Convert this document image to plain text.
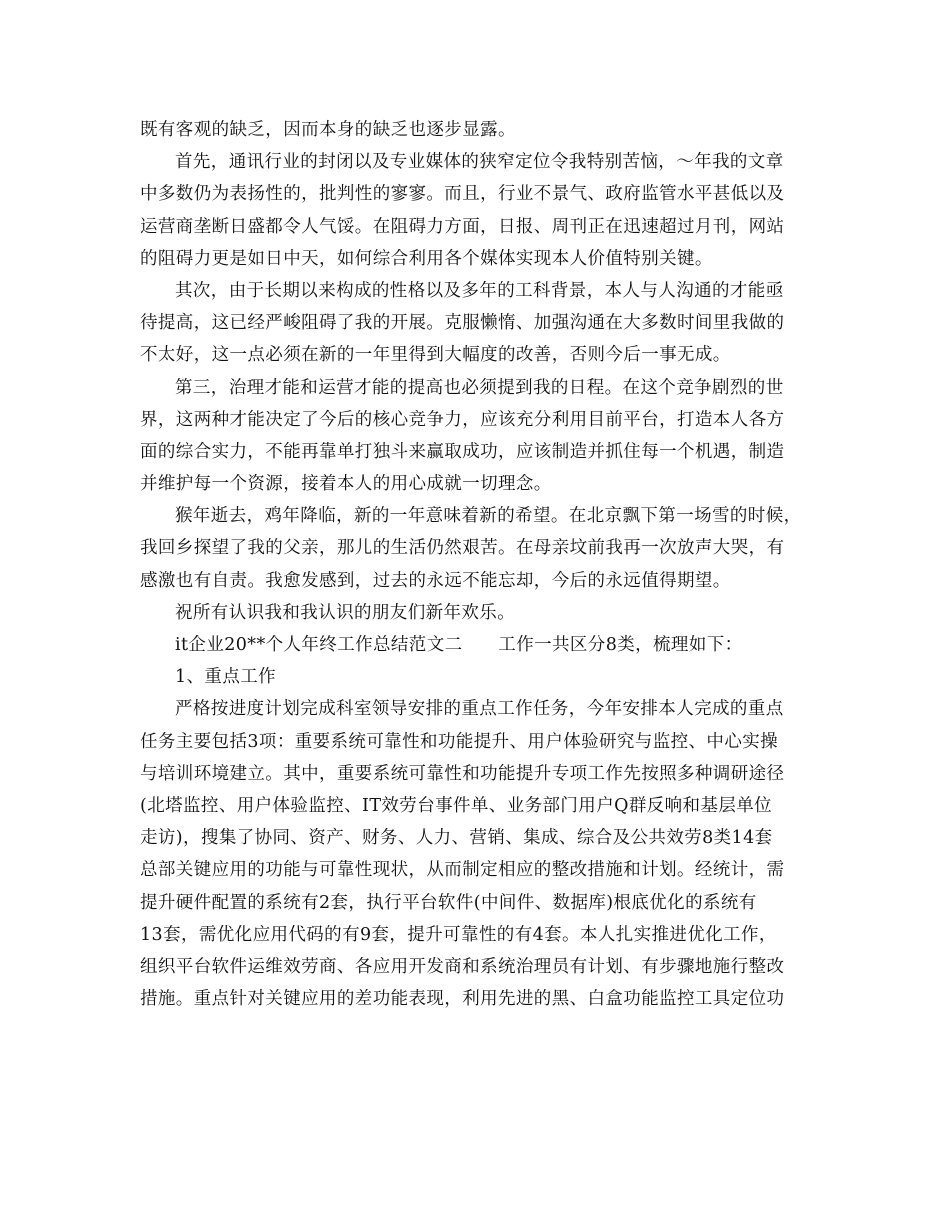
既有客观的缺乏，因而本身的缺乏也逐步显露。
首先，通讯行业的封闭以及专业媒体的狭窄定位令我特别苦恼，～年我的文章
中多数仍为表扬性的，批判性的寥寥。而且，行业不景气、政府监管水平甚低以及
运营商垄断日盛都令人气馁。在阻碍力方面，日报、周刊正在迅速超过月刊，网站
的阻碍力更是如日中天，如何综合利用各个媒体实现本人价值特别关键。
其次，由于长期以来构成的性格以及多年的工科背景，本人与人沟通的才能亟
待提高，这已经严峻阻碍了我的开展。克服懒惰、加强沟通在大多数时间里我做的
不太好，这一点必须在新的一年里得到大幅度的改善，否则今后一事无成。
第三，治理才能和运营才能的提高也必须提到我的日程。在这个竞争剧烈的世
界，这两种才能决定了今后的核心竞争力，应该充分利用目前平台，打造本人各方
面的综合实力，不能再靠单打独斗来赢取成功，应该制造并抓住每一个机遇，制造
并维护每一个资源，接着本人的用心成就一切理念。
猴年逝去，鸡年降临，新的一年意味着新的希望。在北京飘下第一场雪的时候，
我回乡探望了我的父亲，那儿的生活仍然艰苦。在母亲坟前我再一次放声大哭，有
感激也有自责。我愈发感到，过去的永远不能忘却，今后的永远值得期望。
祝所有认识我和我认识的朋友们新年欢乐。
it企业20**个人年终工作总结范文二　　工作一共区分8类，梳理如下：
1、重点工作
严格按进度计划完成科室领导安排的重点工作任务，今年安排本人完成的重点
任务主要包括3项：重要系统可靠性和功能提升、用户体验研究与监控、中心实操
与培训环境建立。其中，重要系统可靠性和功能提升专项工作先按照多种调研途径
(北塔监控、用户体验监控、IT效劳台事件单、业务部门用户Q群反响和基层单位
走访)，搜集了协同、资产、财务、人力、营销、集成、综合及公共效劳8类14套
总部关键应用的功能与可靠性现状，从而制定相应的整改措施和计划。经统计，需
提升硬件配置的系统有2套，执行平台软件(中间件、数据库)根底优化的系统有
13套，需优化应用代码的有9套，提升可靠性的有4套。本人扎实推进优化工作，
组织平台软件运维效劳商、各应用开发商和系统治理员有计划、有步骤地施行整改
措施。重点针对关键应用的差功能表现，利用先进的黑、白盒功能监控工具定位功
